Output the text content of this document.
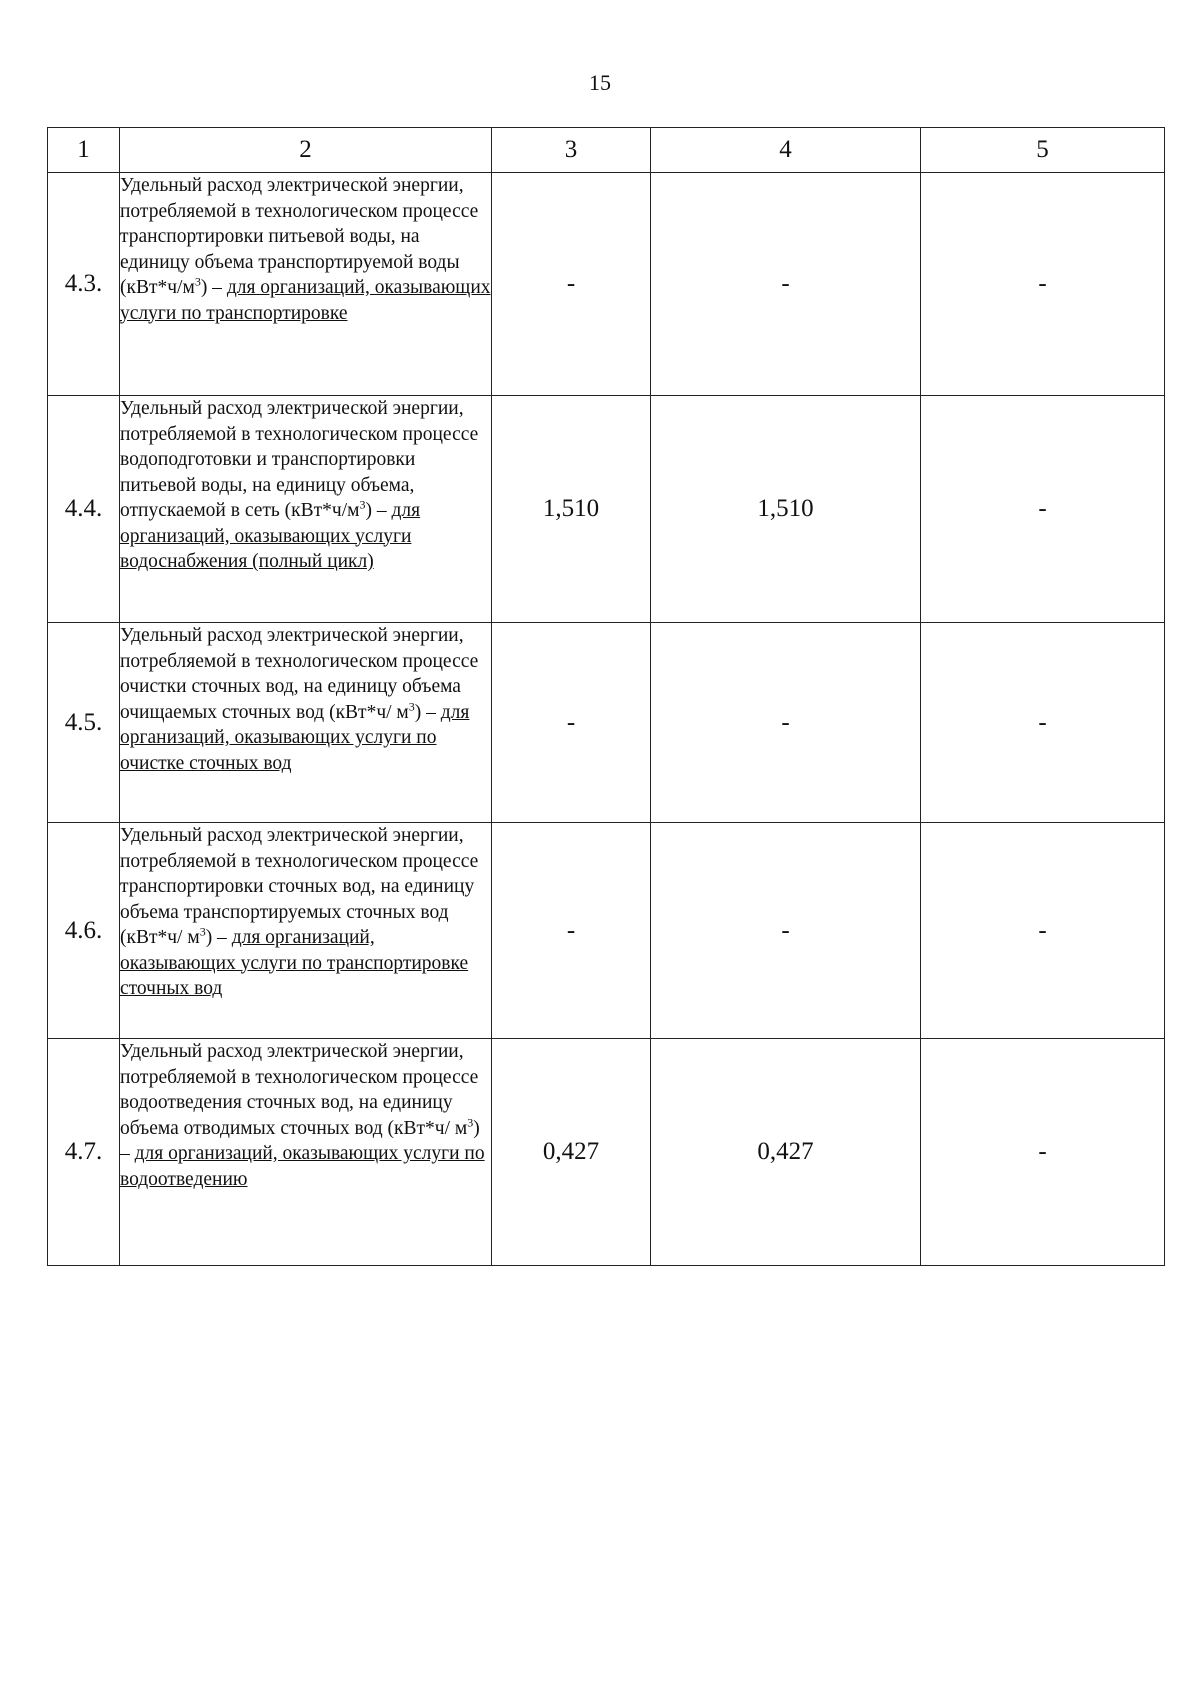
15
1	2	3	4	5
4.3.	Удельный расход электрической энергии, потребляемой в технологическом процессе транспортировки питьевой воды, на единицу объема транспортируемой воды $(кВт*ч/м^3)$ – для организаций, оказывающих услуги по транспортировке	-	-	-
4.4.	Удельный расход электрической энергии, потребляемой в технологическом процессе водоподготовки и транспортировки питьевой воды, на единицу объема, отпускаемой в сеть $(кВт*ч/м^3)$ – для организаций, оказывающих услуги водоснабжения (полный цикл)	1,510	1,510	-
4.5.	Удельный расход электрической энергии, потребляемой в технологическом процессе очистки сточных вод, на единицу объема очищаемых сточных вод (кВт*ч/ $м^3$) – для организаций, оказывающих услуги по очистке сточных вод	-	-	-
4.6.	Удельный расход электрической энергии, потребляемой в технологическом процессе транспортировки сточных вод, на единицу объема транспортируемых сточных вод (кВт*ч/ $м^3$) – для организаций, оказывающих услуги по транспортировке сточных вод	-	-	-
4.7.	Удельный расход электрической энергии, потребляемой в технологическом процессе водоотведения сточных вод, на единицу объема отводимых сточных вод (кВт*ч/ $м^3$) – для организаций, оказывающих услуги по водоотведению	0,427	0,427	-
